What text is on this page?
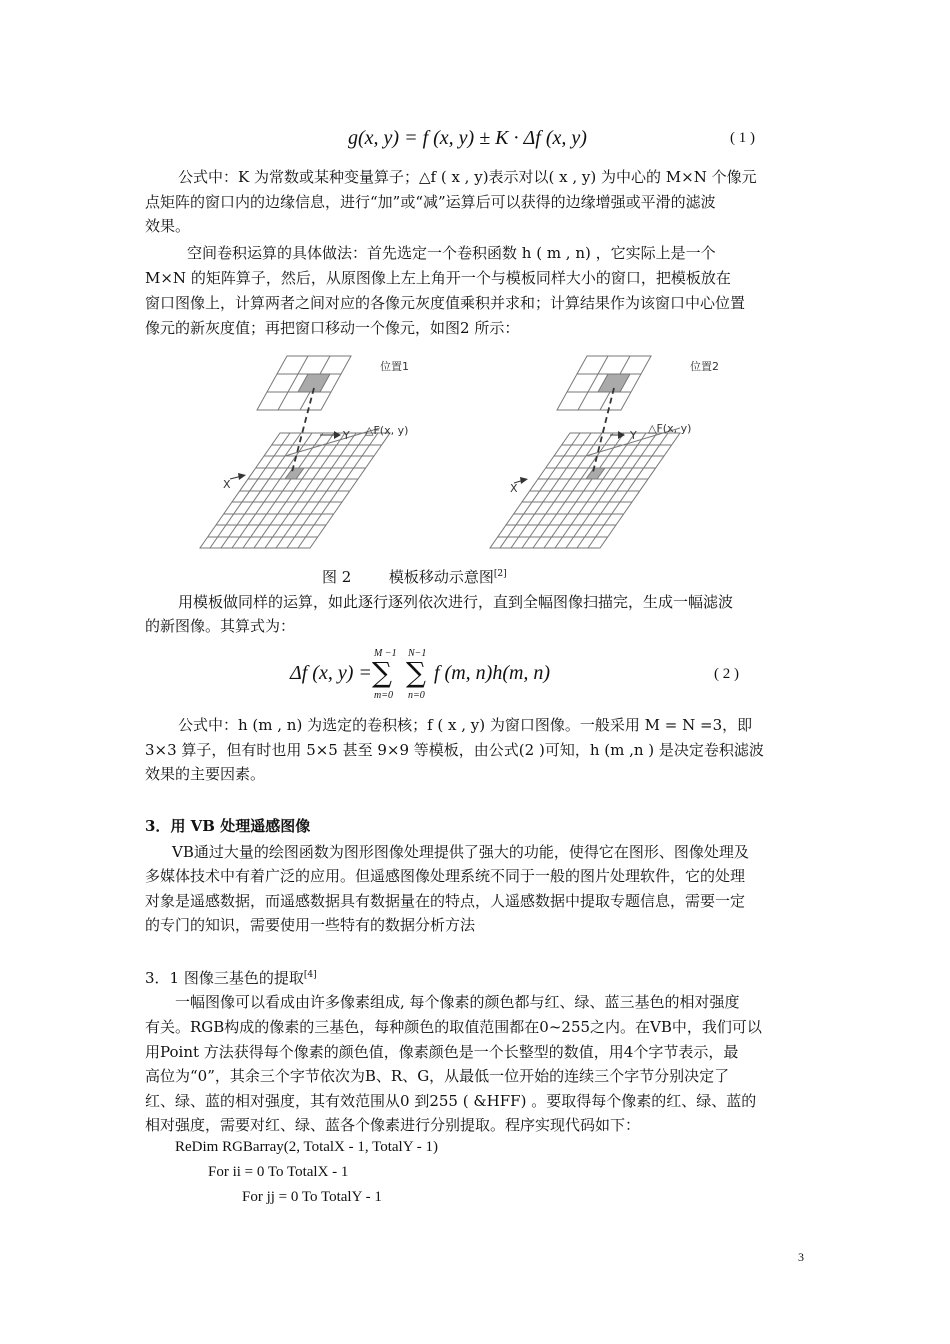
g(x, y) = f (x, y) ± K · Δf (x, y)	( 1 )
公式中：K 为常数或某种变量算子；△f ( x , y)表示对以( x , y) 为中心的 M×N 个像元
点矩阵的窗口内的边缘信息，进行“加”或“减”运算后可以获得的边缘增强或平滑的滤波
效果。
空间卷积运算的具体做法：首先选定一个卷积函数 h ( m , n) ，它实际上是一个
M×N 的矩阵算子，然后，从原图像上左上角开一个与模板同样大小的窗口，把模板放在
窗口图像上，计算两者之间对应的各像元灰度值乘积并求和；计算结果作为该窗口中心位置
像元的新灰度值；再把窗口移动一个像元，如图2 所示：
位置1
△F(x, y)
Y
X
位置2
△F(x, y)
Y
X
图 2	模板移动示意图[2]
用模板做同样的运算，如此逐行逐列依次进行，直到全幅图像扫描完，生成一幅滤波
的新图像。其算式为：
Δf (x, y) =
M −1
∑
m=0
N−1
∑
n=0
f (m, n)h(m, n)	( 2 )
公式中：h (m , n) 为选定的卷积核；f ( x , y) 为窗口图像。一般采用 M = N =3，即
3×3 算子，但有时也用 5×5 甚至 9×9 等模板，由公式(2 )可知，h (m ,n ) 是决定卷积滤波
效果的主要因素。
3．用 VB 处理遥感图像
VB通过大量的绘图函数为图形图像处理提供了强大的功能，使得它在图形、图像处理及
多媒体技术中有着广泛的应用。但遥感图像处理系统不同于一般的图片处理软件，它的处理
对象是遥感数据，而遥感数据具有数据量在的特点，人遥感数据中提取专题信息，需要一定
的专门的知识，需要使用一些特有的数据分析方法
3．1 图像三基色的提取[4]
一幅图像可以看成由许多像素组成, 每个像素的颜色都与红、绿、蓝三基色的相对强度
有关。RGB构成的像素的三基色，每种颜色的取值范围都在0~255之内。在VB中，我们可以
用Point 方法获得每个像素的颜色值，像素颜色是一个长整型的数值，用4个字节表示，最
高位为“0”，其余三个字节依次为B、R、G，从最低一位开始的连续三个字节分别决定了
红、绿、蓝的相对强度，其有效范围从0 到255 ( &HFF) 。要取得每个像素的红、绿、蓝的
相对强度，需要对红、绿、蓝各个像素进行分别提取。程序实现代码如下：
ReDim RGBarray(2, TotalX - 1, TotalY - 1)
For ii = 0 To TotalX - 1
For jj = 0 To TotalY - 1
3
